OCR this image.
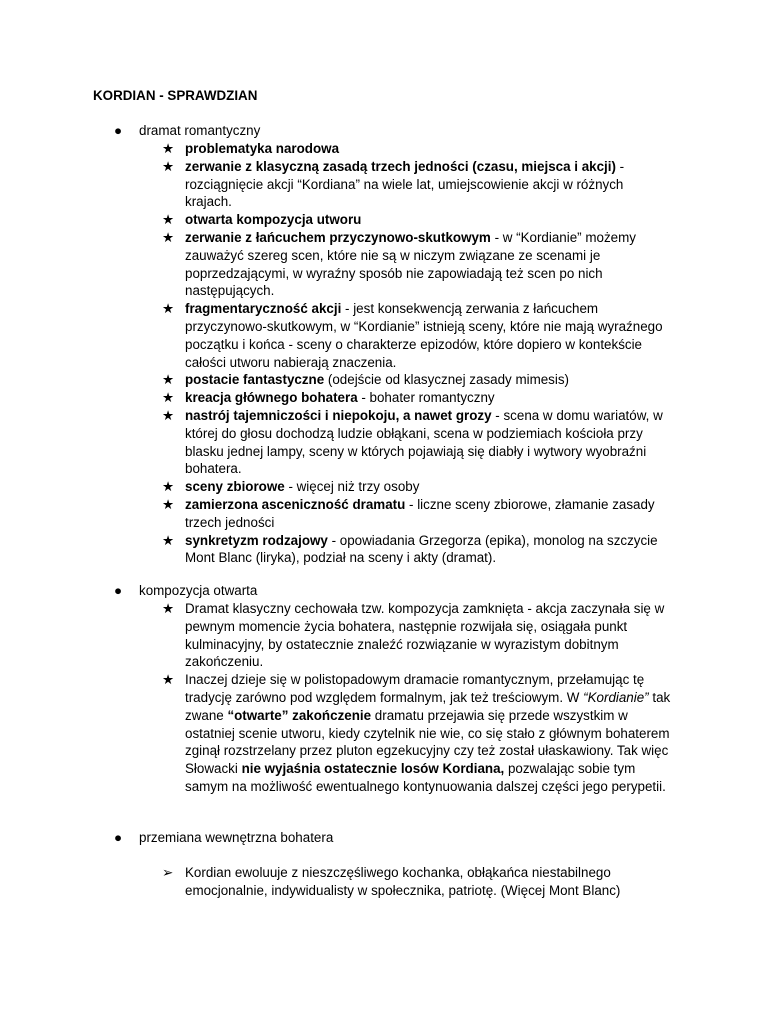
KORDIAN - SPRAWDZIAN
● dramat romantyczny
★ problematyka narodowa
★ zerwanie z klasyczną zasadą trzech jedności (czasu, miejsca i akcji) - rozciągnięcie akcji “Kordiana” na wiele lat, umiejscowienie akcji w różnych krajach.
★ otwarta kompozycja utworu
★ zerwanie z łańcuchem przyczynowo-skutkowym - w “Kordianie” możemy zauważyć szereg scen, które nie są w niczym związane ze scenami je poprzedzającymi, w wyraźny sposób nie zapowiadają też scen po nich następujących.
★ fragmentaryczność akcji - jest konsekwencją zerwania z łańcuchem przyczynowo-skutkowym, w “Kordianie” istnieją sceny, które nie mają wyraźnego początku i końca - sceny o charakterze epizodów, które dopiero w kontekście całości utworu nabierają znaczenia.
★ postacie fantastyczne (odejście od klasycznej zasady mimesis)
★ kreacja głównego bohatera - bohater romantyczny
★ nastrój tajemniczości i niepokoju, a nawet grozy - scena w domu wariatów, w której do głosu dochodzą ludzie obłąkani, scena w podziemiach kościoła przy blasku jednej lampy, sceny w których pojawiają się diabły i wytwory wyobraźni bohatera.
★ sceny zbiorowe - więcej niż trzy osoby
★ zamierzona asceniczność dramatu - liczne sceny zbiorowe, złamanie zasady trzech jedności
★ synkretyzm rodzajowy - opowiadania Grzegorza (epika), monolog na szczycie Mont Blanc (liryka), podział na sceny i akty (dramat).
● kompozycja otwarta
★ Dramat klasyczny cechowała tzw. kompozycja zamknięta - akcja zaczynała się w pewnym momencie życia bohatera, następnie rozwijała się, osiągała punkt kulminacyjny, by ostatecznie znaleźć rozwiązanie w wyrazistym dobitnym zakończeniu.
★ Inaczej dzieje się w polistopadowym dramacie romantycznym, przełamując tę tradycję zarówno pod względem formalnym, jak też treściowym. W “Kordianie” tak zwane “otwarte” zakończenie dramatu przejawia się przede wszystkim w ostatniej scenie utworu, kiedy czytelnik nie wie, co się stało z głównym bohaterem zginął rozstrzelany przez pluton egzekucyjny czy też został ułaskawiony. Tak więc Słowacki nie wyjaśnia ostatecznie losów Kordiana, pozwalając sobie tym samym na możliwość ewentualnego kontynuowania dalszej części jego perypetii.
● przemiana wewnętrzna bohatera
➢ Kordian ewoluuje z nieszczęśliwego kochanka, obłąkańca niestabilnego emocjonalnie, indywidualisty w społecznika, patriotę. (Więcej Mont Blanc)
